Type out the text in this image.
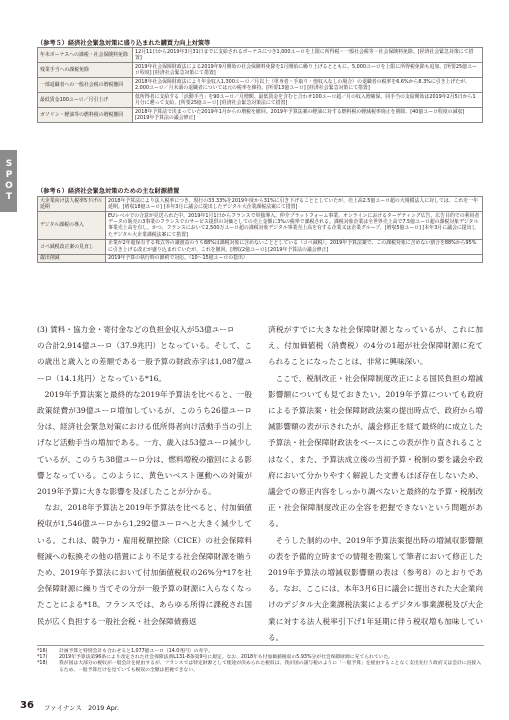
SPOT
（参考５）経済社会緊急対策に盛り込まれた購買力向上対策等
年末ボーナスへの課税・社会保険料免除	12月11日から2019年3月31日までに支給されるボーナスにつき1,000ユーロを上限に所得税・一般社会税等・社会保険料免除。[経済社会緊急対策にて措置]
残業手当への課税免除	2019年社会保障財政法による2019年9月開始の社会保険料免除を1月開始に繰り上げるとともに、5,000ユーロを上限に所得税免除も追加。[所要25億ユーロ程度] [経済社会緊急対策にて措置]
一部退職者への一般社会税の増税撤回	2018年社会保障財政法により年金収入1,300ユーロ／月以上（単身者・手取り・他収入なしの場合）の退職者の税率を6.6%から8.3%に引き上げたが、2,000ユーロ／月未満の退職者については元の税率を維持。[所要13億ユーロ] [経済社会緊急対策にて措置]
最低賃金100ユーロ／月引上げ	低所得者に支給する「活動手当」を90ユーロ／月増額。最低賃金を含むと合わせ100ユーロ超／月の収入増確保。同手当の支給開始は2019年2月5日から1月分に遡って支給。[所要25億ユーロ] [経済社会緊急対策法にて措置]
ガソリン・軽油等の燃料税の増税撤回	2018年予算法で決まっていた2019年1月からの増税を撤回。2019年予算法案の軽油に対する燃料税の軽減税率廃止を削除。[40億ユーロ程度の減収] [2019年予算法の議会修正]
（参考６）経済社会緊急対策のための主な財源措置
大企業向け法人税率5下げの延期	2018年予算法により法人税率につき、現行の33.33%を2019年度から31%に引き下げることとしていたが、売上高2.5億ユーロ超の大規模法人に対しては、これを一年延期。[増収18億ユーロ] [本年3月に議会に提出したデジタル大企業課税法案にて措置]
デジタル課税の導入	EUレベルでの合意が見送られた中、2019年1月1日からフランスで単独導入。仲介プラットフォーム事業、オンラインにおけるターゲティング広告、広告目的での利用者データの販売の3事業のフランスでのサービス提供の対価としての売上金額に3%の税率で課税される。課税対象企業は全世界売上高で7.5億ユーロ超の課税対象デジタル事業売上高を有し、かつ、フランスにおいて2,500万ユーロ超の課税対象デジタル事業売上高を有する企業又は企業グループ。[増収5億ユーロ] [本年3月に議会に提出したデジタル大企業課税法案にて措置]
コペ減税改正案の見直し	企業が2年超保有する株式等の譲渡益のうち88%は課税対象に含めないこととしている（コペ減税）。2019年予算法案で、この課税対象に含めない割合を88%から95%に引き上げる改正が盛り込まれていたが、これを撤回。[増収2億ユーロ] [2019年予算法の議会修正]
歳出削減	2019年予算の執行時の節約で対応。（10～15億ユーロの捻出）

(3) 賃料・協力金・寄付金などの負担金収入が53億ユーロ

の合計2,914億ユーロ（37.9兆円）となっている。そして、この歳出と歳入との差額である一般予算の財政赤字は1,087億ユーロ（14.1兆円）となっている*16。

2019年予算法案と最終的な2019年予算法を比べると、一般政策経費が39億ユーロ増加しているが、このうち26億ユーロ分は、経済社会緊急対策における低所得者向け活動手当の引上げなど活動手当の増加である。一方、歳入は53億ユーロ減少しているが、このうち38億ユーロ分は、燃料増税の撤回による影響となっている。このように、黄色いベスト運動への対策が2019年予算に大きな影響を及ぼしたことが分かる。

なお、2018年予算法と2019年予算法を比べると、付加価値税収が1,546億ユーロから1,292億ユーロへと大きく減少している。これは、競争力・雇用税額控除（CICE）の社会保障料軽減への転換その他の措置により不足する社会保障財源を賄うため、2019年予算法において付加価値税収の26%分*17を社会保障財源に繰り当てその分が一般予算の財源に入らなくなったことによる*18。フランスでは、あらゆる所得に課税され国民が広く負担する一般社会税・社会保障債務返

済税がすでに大きな社会保障財源となっているが、これに加え、付加価値税（消費税）の4分の1超が社会保障財源に充てられることになったことは、非常に興味深い。

ここで、税制改正・社会保障制度改正による国民負担の増減影響額についても見ておきたい。2019年予算についても政府による予算法案・社会保障財政法案の提出時点で、政府から増減影響額の表が示されたが、議会修正を経て最終的に成立した予算法・社会保障財政法をベースにこの表が作り直されることはなく、また、予算法成立後の当初予算・税制の要を議会や政府において分かりやすく解説した文書もほぼ存在しないため、議会での修正内容をしっかり調べないと最終的な予算・税制改正・社会保障制度改正の全容を把握できないという問題がある。

そうした制約の中、2019年予算法案提出時の増減収影響額の表を予備的立時までの情報を勘案して筆者において修正した2019年予算法の増減収影響額の表は（参考8）のとおりである。なお、ここには、本年3月6日に議会に提出された大企業向けのデジタル大企業課税法案によるデジタル事業課税及び大企業に対する法人税率引下げ1年延期に伴う税収増も加味している。

*16)	計画予算と特別会計も合わせると1,077億ユーロ（14.0兆円）の赤字。
*17)	2019年予算法第96条により改定された社会保障法典L131-8条第9号に規定。なお、2018年も付加価値税収の5.93%分が社会保障財源に充てられていた。
*18)	我が国は大部分の税収が一般会計を経由するが、フランスでは特定財源として使途が決められた税収は、我が国の譲与税のように「一般予算」を経由することなく支出先行う政府又は会計に直接入るため、一般予算だけを見ていても税収の全額は把握できない。
36 ファイナンス　2019 Apr.
